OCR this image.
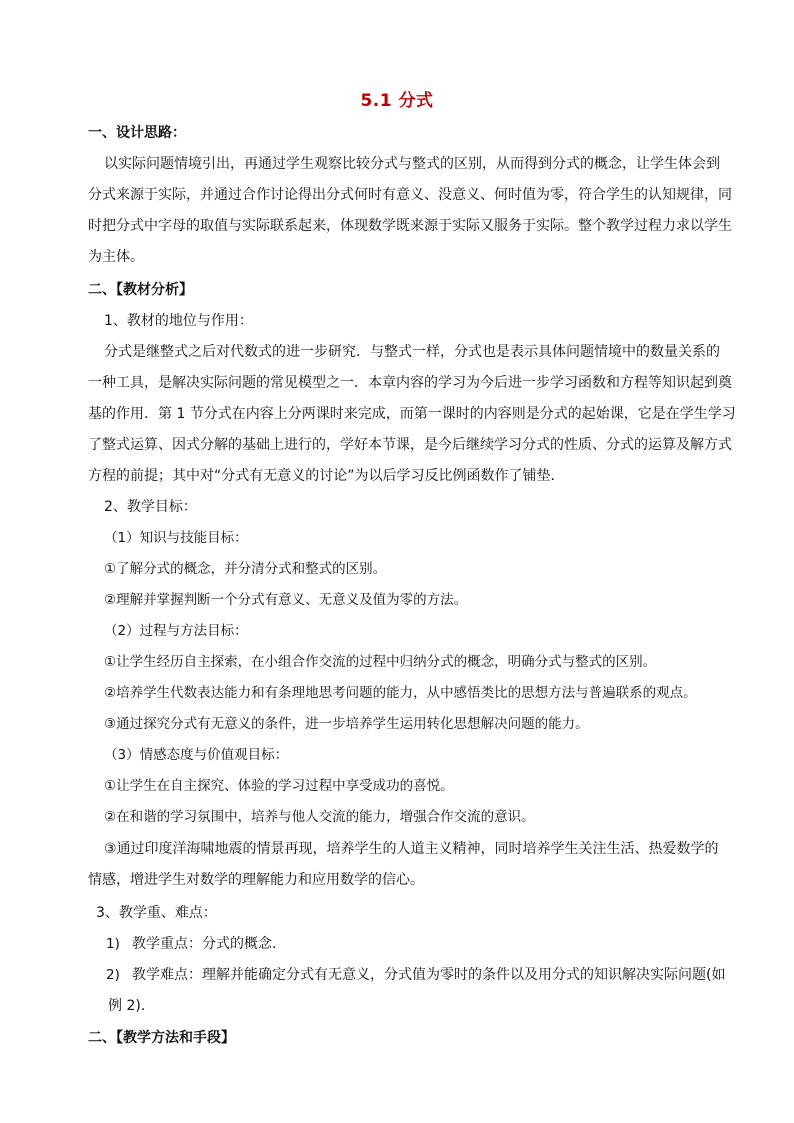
5.1 分式
一、设计思路：
以实际问题情境引出，再通过学生观察比较分式与整式的区别，从而得到分式的概念，让学生体会到
分式来源于实际，并通过合作讨论得出分式何时有意义、没意义、何时值为零，符合学生的认知规律，同
时把分式中字母的取值与实际联系起来，体现数学既来源于实际又服务于实际。整个教学过程力求以学生
为主体。
二、【教材分析】
1、教材的地位与作用：
分式是继整式之后对代数式的进一步研究．与整式一样，分式也是表示具体问题情境中的数量关系的
一种工具，是解决实际问题的常见模型之一．本章内容的学习为今后进一步学习函数和方程等知识起到奠
基的作用．第 1 节分式在内容上分两课时来完成，而第一课时的内容则是分式的起始课，它是在学生学习
了整式运算、因式分解的基础上进行的，学好本节课，是今后继续学习分式的性质、分式的运算及解方式
方程的前提；其中对“分式有无意义的讨论”为以后学习反比例函数作了铺垫．
2、教学目标：
（1）知识与技能目标：
①了解分式的概念，并分清分式和整式的区别。
②理解并掌握判断一个分式有意义、无意义及值为零的方法。
（2）过程与方法目标：
①让学生经历自主探索，在小组合作交流的过程中归纳分式的概念，明确分式与整式的区别。
②培养学生代数表达能力和有条理地思考问题的能力，从中感悟类比的思想方法与普遍联系的观点。
③通过探究分式有无意义的条件，进一步培养学生运用转化思想解决问题的能力。
（3）情感态度与价值观目标：
①让学生在自主探究、体验的学习过程中享受成功的喜悦。
②在和谐的学习氛围中，培养与他人交流的能力，增强合作交流的意识。
③通过印度洋海啸地震的情景再现，培养学生的人道主义精神，同时培养学生关注生活、热爱数学的
情感，增进学生对数学的理解能力和应用数学的信心。
3、教学重、难点：
1) 教学重点：分式的概念．
2) 教学难点：理解并能确定分式有无意义，分式值为零时的条件以及用分式的知识解决实际问题(如
例 2)．
二、【教学方法和手段】
